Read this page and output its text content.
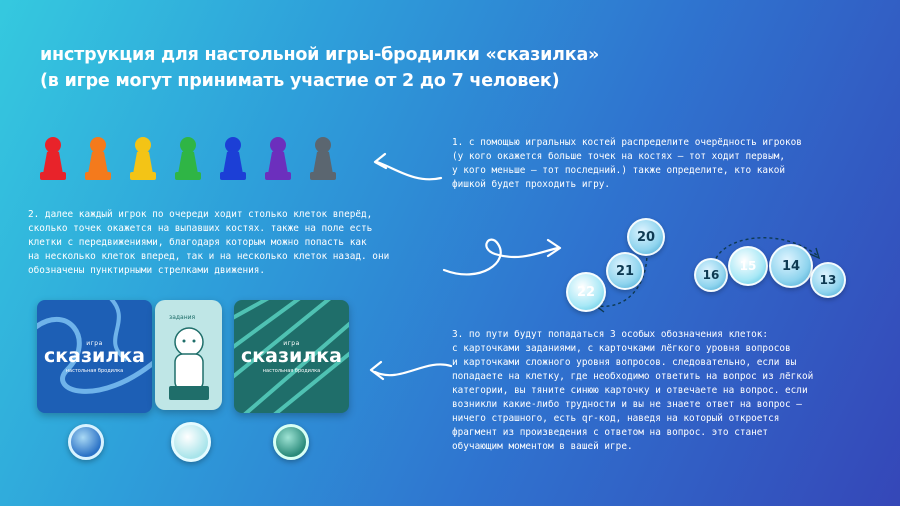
инструкция для настольной игры-бродилки «сказилка»
(в игре могут принимать участие от 2 до 7 человек)
1. с помощью игральных костей распределите очерёдность игроков
(у кого окажется больше точек на костях — тот ходит первым,
у кого меньше — тот последний.) также определите, кто какой
фишкой будет проходить игру.
2. далее каждый игрок по очереди ходит столько клеток вперёд,
сколько точек окажется на выпавших костях. также на поле есть
клетки с передвижениями, благодаря которым можно попасть как
на несколько клеток вперед, так и на несколько клеток назад. они
обозначены пунктирными стрелками движения.
3. по пути будут попадаться 3 особых обозначения клеток:
с карточками заданиями, с карточками лёгкого уровня вопросов
и карточками сложного уровня вопросов. следовательно, если вы
попадаете на клетку, где необходимо ответить на вопрос из лёгкой
категории, вы тяните синюю карточку и отвечаете на вопрос. если
возникли какие-либо трудности и вы не знаете ответ на вопрос —
ничего страшного, есть qr-код, наведя на который откроется
фрагмент из произведения с ответом на вопрос. это станет
обучающим моментом в вашей игре.
20
21
22
16
15	14
13
игра
сказилка
настольная бродилка
задания
игра
сказилка
настольная бродилка
